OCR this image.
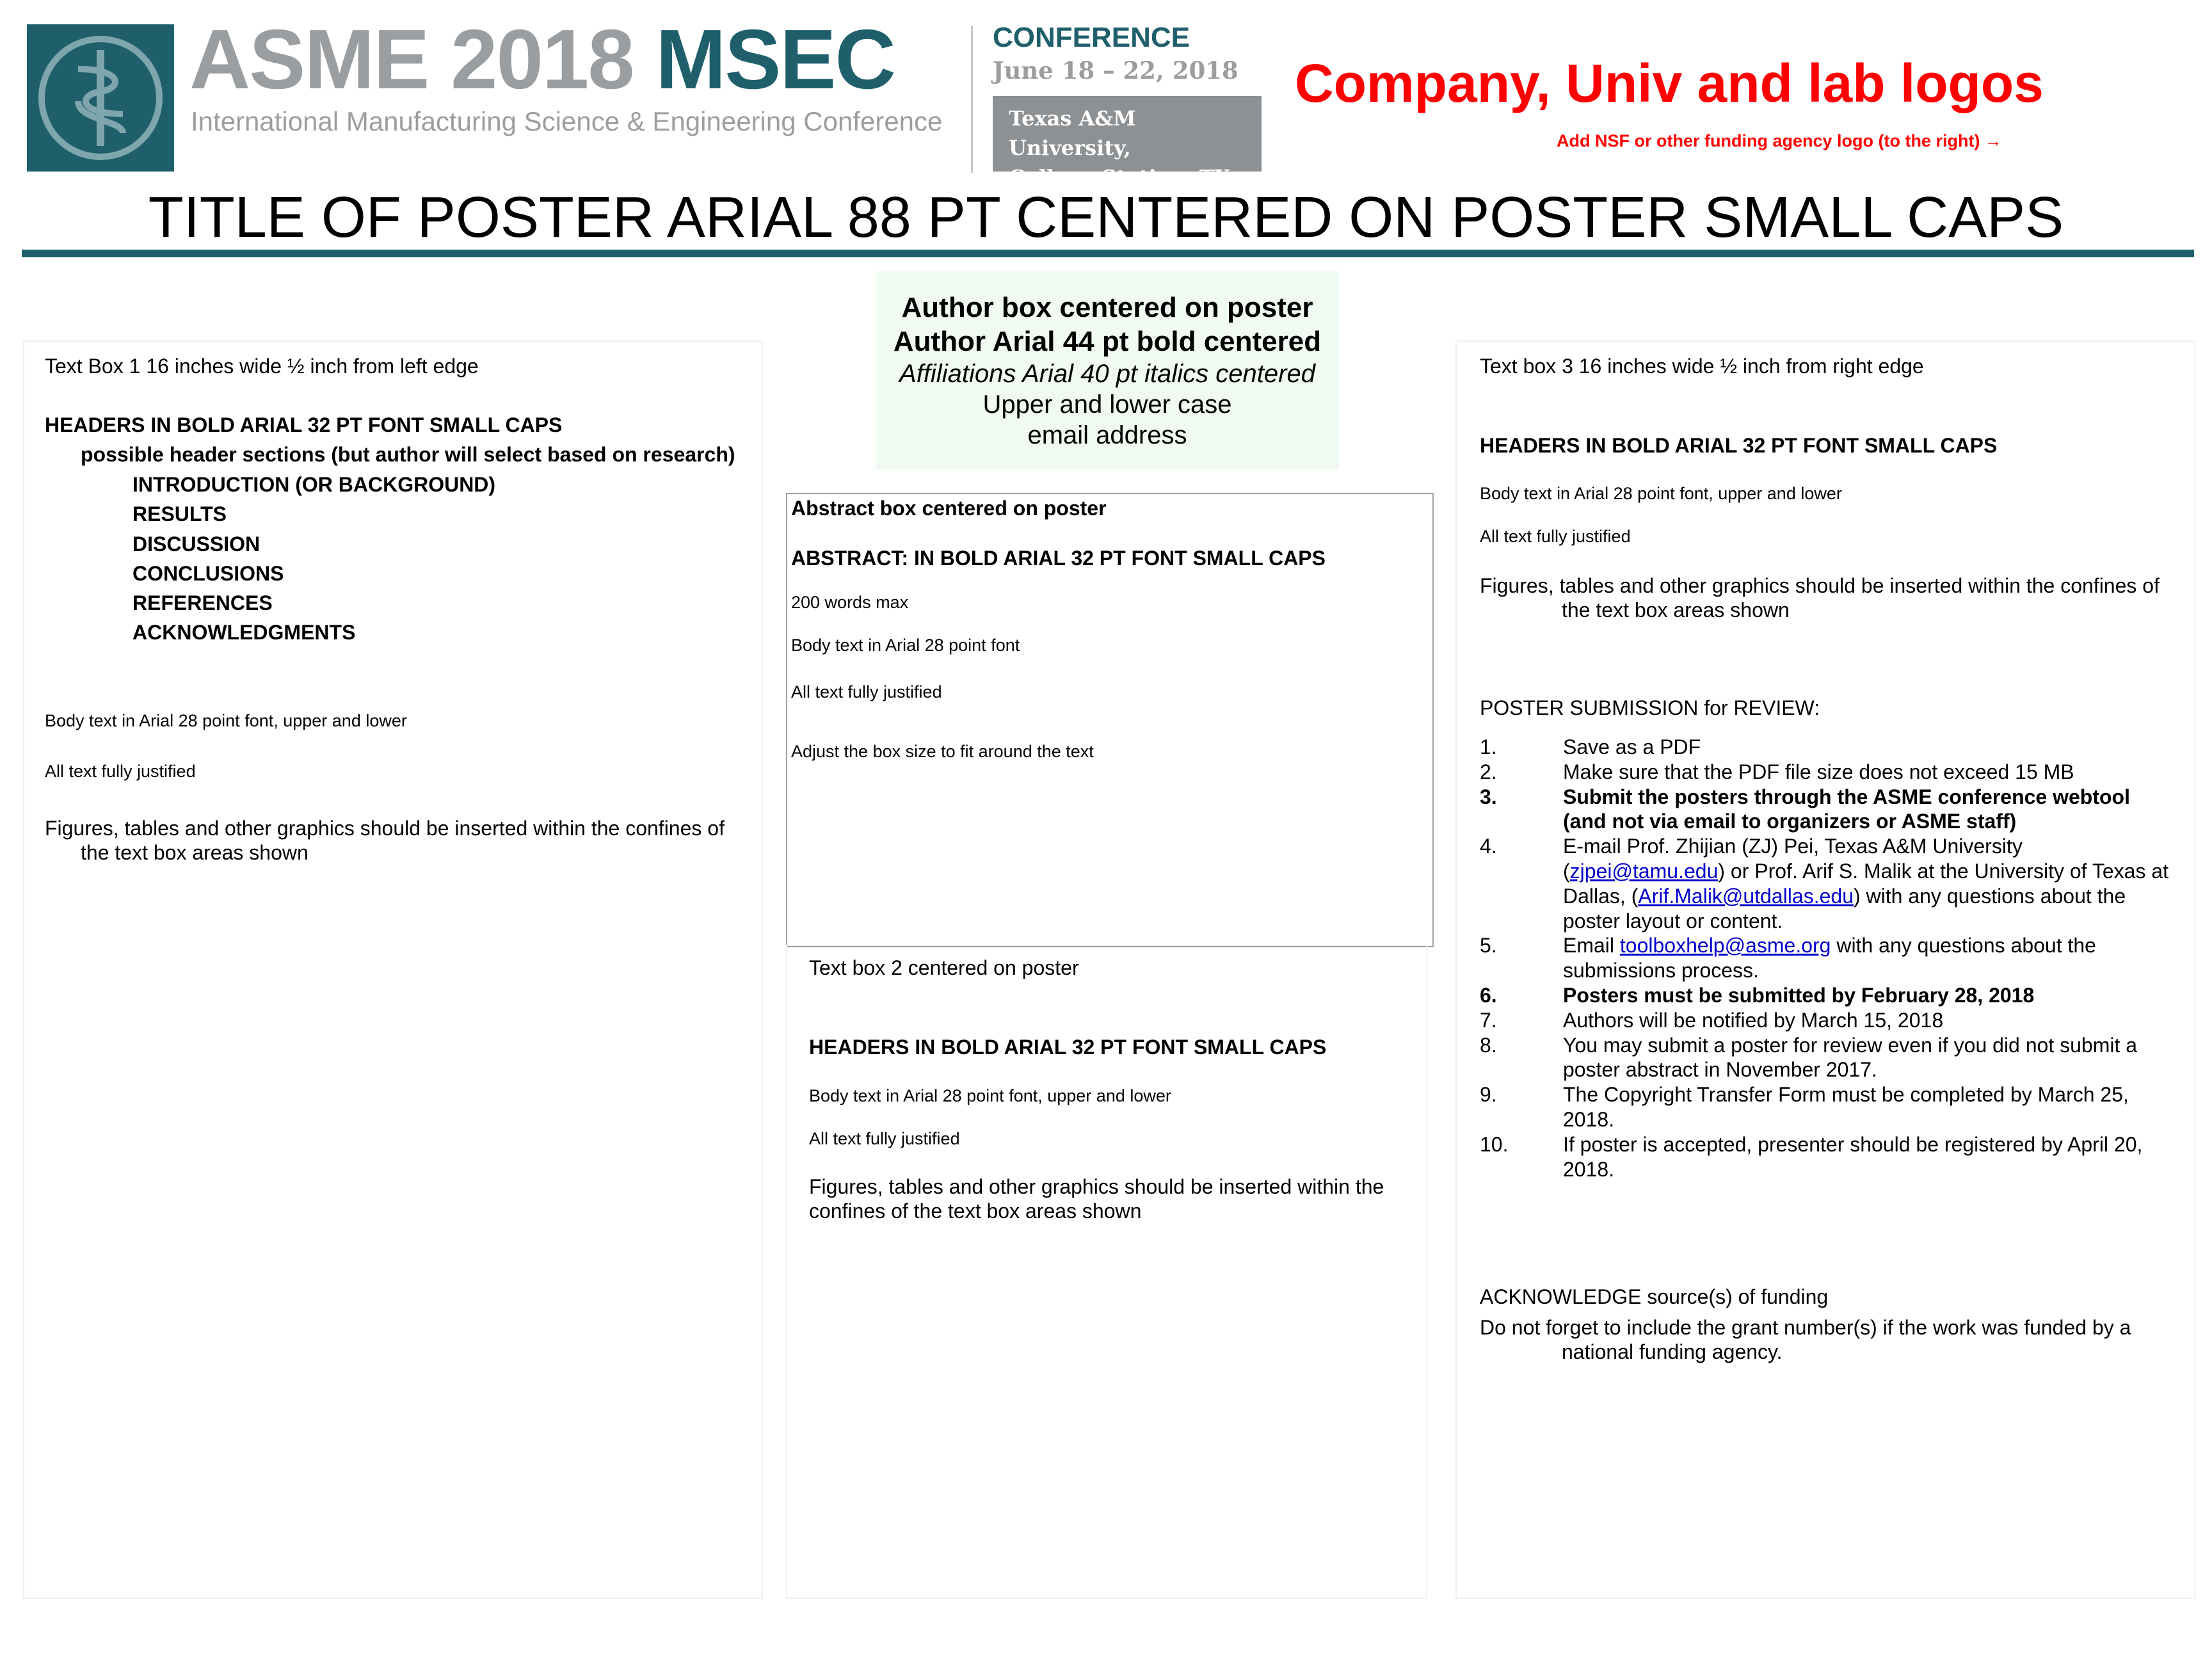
ASME 2018 MSEC
International Manufacturing Science & Engineering Conference
CONFERENCE
June 18 – 22, 2018
Texas A&M University,
College Station, TX
Company, Univ and lab logos
Add NSF or other funding agency logo (to the right) →
TITLE OF POSTER ARIAL 88 PT CENTERED ON POSTER SMALL CAPS
Author box centered on poster
Author Arial 44 pt bold centered
Affiliations Arial 40 pt italics centered
Upper and lower case
email address
Text Box 1 16 inches wide ½ inch from left edge
HEADERS IN BOLD ARIAL 32 PT FONT SMALL CAPS
possible header sections (but author will select based on research)
INTRODUCTION (OR BACKGROUND)
RESULTS
DISCUSSION
CONCLUSIONS
REFERENCES
ACKNOWLEDGMENTS
Body text in Arial 28 point font, upper and lower
All text fully justified
Figures, tables and other graphics should be inserted within the confines of
the text box areas shown
Abstract box centered on poster
ABSTRACT: IN BOLD ARIAL 32 PT FONT SMALL CAPS
200 words max
Body text in Arial 28 point font
All text fully justified
Adjust the box size to fit around the text
Text box 2 centered on poster
HEADERS IN BOLD ARIAL 32 PT FONT SMALL CAPS
Body text in Arial 28 point font, upper and lower
All text fully justified
Figures, tables and other graphics should be inserted within the
confines of the text box areas shown
Text box 3 16 inches wide ½ inch from right edge
HEADERS IN BOLD ARIAL 32 PT FONT SMALL CAPS
Body text in Arial 28 point font, upper and lower
All text fully justified
Figures, tables and other graphics should be inserted within the confines of
the text box areas shown
POSTER SUBMISSION for REVIEW:
1.	Save as a PDF
2.	Make sure that the PDF file size does not exceed 15 MB
3.	Submit the posters through the ASME conference webtool (and not via email to organizers or ASME staff)
4.	E-mail Prof. Zhijian (ZJ) Pei, Texas A&M University (zjpei@tamu.edu) or Prof. Arif S. Malik at the University of Texas at Dallas, (Arif.Malik@utdallas.edu) with any questions about the poster layout or content.
5.	Email toolboxhelp@asme.org with any questions about the submissions process.
6.	Posters must be submitted by February 28, 2018
7.	Authors will be notified by March 15, 2018
8.	You may submit a poster for review even if you did not submit a poster abstract in November 2017.
9.	The Copyright Transfer Form must be completed by March 25, 2018.
10.	If poster is accepted, presenter should be registered by April 20, 2018.
ACKNOWLEDGE source(s) of funding
Do not forget to include the grant number(s) if the work was funded by a
national funding agency.
